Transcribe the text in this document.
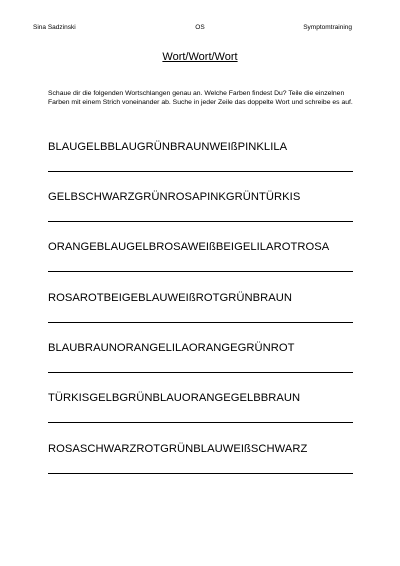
Sina Sadzinski	OS	Symptomtraining
Wort/Wort/Wort
Schaue dir die folgenden Wortschlangen genau an. Welche Farben findest Du? Teile die einzelnen Farben mit einem Strich voneinander ab. Suche in jeder Zeile das doppelte Wort und schreibe es auf.
BLAUGELBBLAUGRÜNBRAUNWEIßPINKLILA
GELBSCHWARZGRÜNROSAPINKGRÜNTÜRKIS
ORANGEBLAUGELBROSAWEIßBEIGELILAROTROSA
ROSAROTBEIGEBLAUWEIßROTGRÜNBRAUN
BLAUBRAUNORANGELILAORANGEGRÜNROT
TÜRKISGELBGRÜNBLAUORANGEGELBBRAUN
ROSASCHWARZROTGRÜNBLAUWEIßSCHWARZ
